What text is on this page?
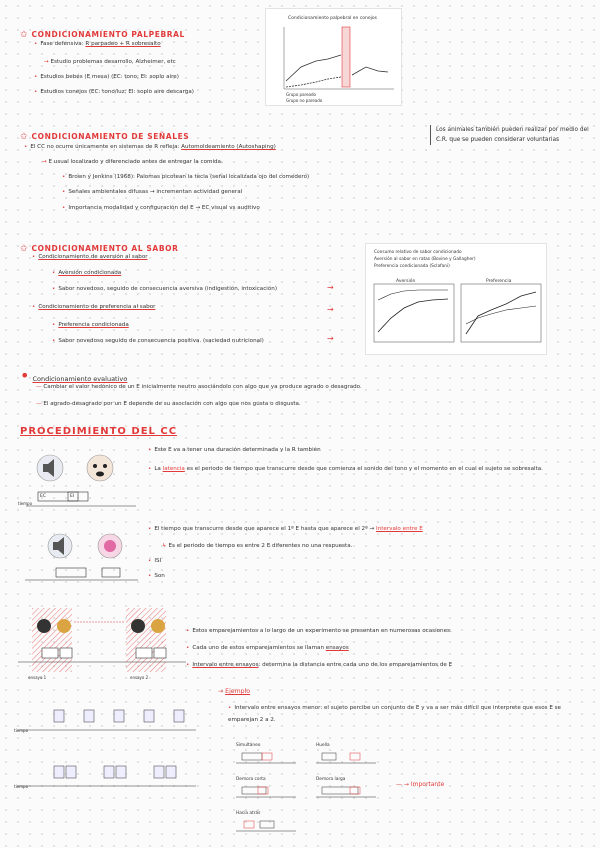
✩ CONDICIONAMIENTO PALPEBRAL
• Fase defensiva: R parpadeo + R sobresalto
→ Estudio problemas desarrollo, Alzheimer, etc
• Estudios bebés (E mesa) (EC: tono; EI: soplo aire)
• Estudios conejos (EC: tono/luz; EI: soplo aire descarga)
Condicionamiento palpebral en conejos
Grupo pareado
Grupo no pareado
✩ CONDICIONAMIENTO DE SEÑALES
• El CC no ocurre únicamente en sistemas de R refleja: Automoldeamiento (Autoshaping)
→ E usual localizado y diferenciado antes de entregar la comida.
• Brown y Jenkins (1968): Palomas picotean la tecla (señal localizada ojo del comedero)
• Señales ambientales difusas → incrementan actividad general
• Importancia modalidad y configuración del E → EC visual vs auditivo
Los animales también pueden realizar por medio del C.R. que se pueden considerar voluntarias
✩ CONDICIONAMIENTO AL SABOR
• Condicionamiento de aversión al sabor
• Aversión condicionada
• Sabor novedoso, seguido de consecuencia aversiva (indigestión, intoxicación)
• Condicionamiento de preferencia al sabor
• Preferencia condicionada
• Sabor novedoso seguido de consecuencia positiva. (saciedad nutricional)
→
→
→
Consumo relativo de sabor condicionado
Aversión al sabor en ratas (Bovine y Gallagher)
Preferencia condicionada (Sclafani)
Aversión	Preferencia
• Condicionamiento evaluativo
— Cambiar el valor hedónico de un E inicialmente neutro asociándolo con algo que ya produce agrado o desagrado.
— El agrado-desagrado por un E depende de su asociación con algo que nos gusta o disgusta.
PROCEDIMIENTO DEL CC
tiempo
EC	EI
• Este E va a tener una duración determinada y la R también
• La latencia es el periodo de tiempo que transcurre desde que comienza el sonido del tono y el momento en el cual el sujeto se sobresalta.
• El tiempo que transcurre desde que aparece el 1º E hasta que aparece el 2º → Intervalo entre E
↳ Es el periodo de tiempo es entre 2 E diferentes no una respuesta.
• ISI
• Son
ensayo 1	ensayo 2
• Estos emparejamientos a lo largo de un experimento se presentan en numerosas ocasiones.
• Cada uno de estos emparejamientos se llaman ensayos
• Intervalo entre ensayos: determina la distancia entre cada uno de los emparejamientos de E
→ Ejemplo
• Intervalo entre ensayos menor: el sujeto percibe un conjunto de E y va a ser más difícil que interprete que esos E se emparejan 2 a 2.
tiempo
tiempo
Simultáneo	Huella
Demora corta	Demora larga
— → Importante
Hacia atrás
